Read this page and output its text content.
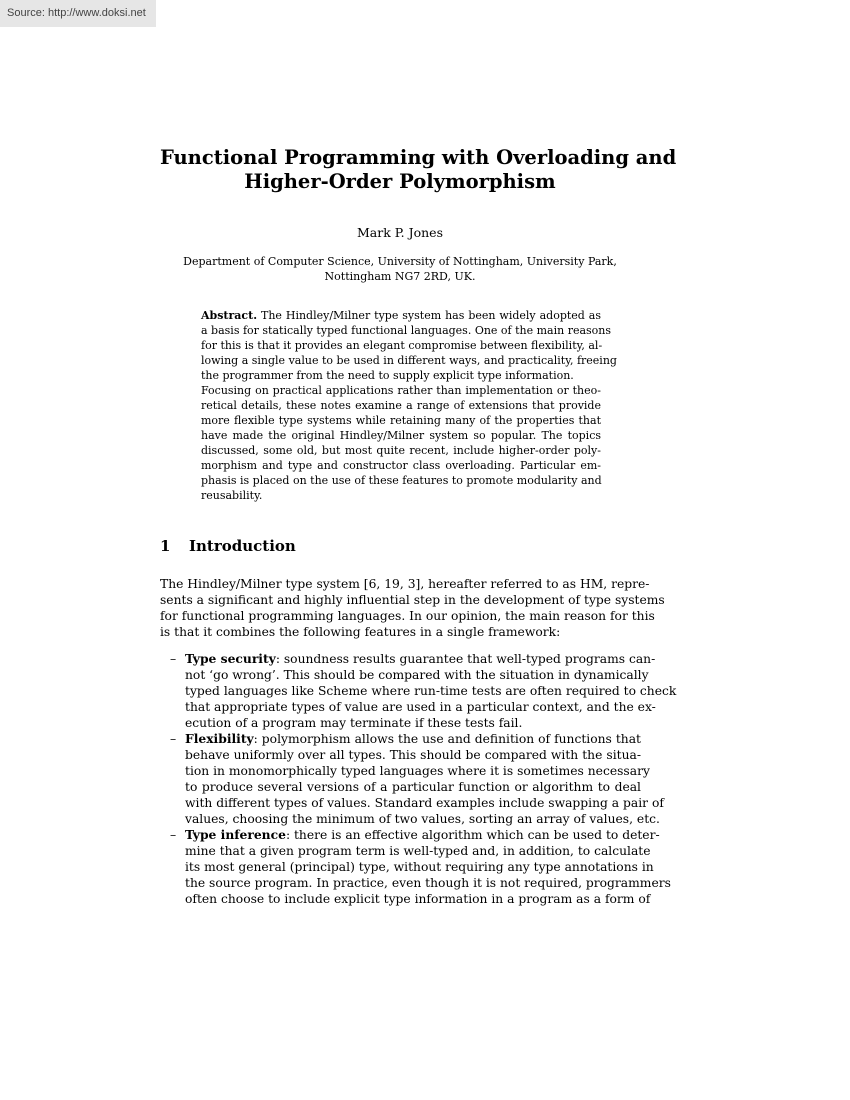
Source: http://www.doksi.net
Functional Programming with Overloading and
Higher-Order Polymorphism

Mark P. Jones

Department of Computer Science, University of Nottingham, University Park,
Nottingham NG7 2RD, UK.

Abstract. The Hindley/Milner type system has been widely adopted as
a basis for statically typed functional languages. One of the main reasons
for this is that it provides an elegant compromise between flexibility, al-
lowing a single value to be used in different ways, and practicality, freeing
the programmer from the need to supply explicit type information.
Focusing on practical applications rather than implementation or theo-
retical details, these notes examine a range of extensions that provide
more flexible type systems while retaining many of the properties that
have made the original Hindley/Milner system so popular. The topics
discussed, some old, but most quite recent, include higher-order poly-
morphism and type and constructor class overloading. Particular em-
phasis is placed on the use of these features to promote modularity and
reusability.
1 Introduction
The Hindley/Milner type system [6, 19, 3], hereafter referred to as HM, repre-
sents a significant and highly influential step in the development of type systems
for functional programming languages. In our opinion, the main reason for this
is that it combines the following features in a single framework:
– Type security: soundness results guarantee that well-typed programs can-
not ‘go wrong’. This should be compared with the situation in dynamically
typed languages like Scheme where run-time tests are often required to check
that appropriate types of value are used in a particular context, and the ex-
ecution of a program may terminate if these tests fail.
– Flexibility: polymorphism allows the use and definition of functions that
behave uniformly over all types. This should be compared with the situa-
tion in monomorphically typed languages where it is sometimes necessary
to produce several versions of a particular function or algorithm to deal
with different types of values. Standard examples include swapping a pair of
values, choosing the minimum of two values, sorting an array of values, etc.
– Type inference: there is an effective algorithm which can be used to deter-
mine that a given program term is well-typed and, in addition, to calculate
its most general (principal) type, without requiring any type annotations in
the source program. In practice, even though it is not required, programmers
often choose to include explicit type information in a program as a form of
